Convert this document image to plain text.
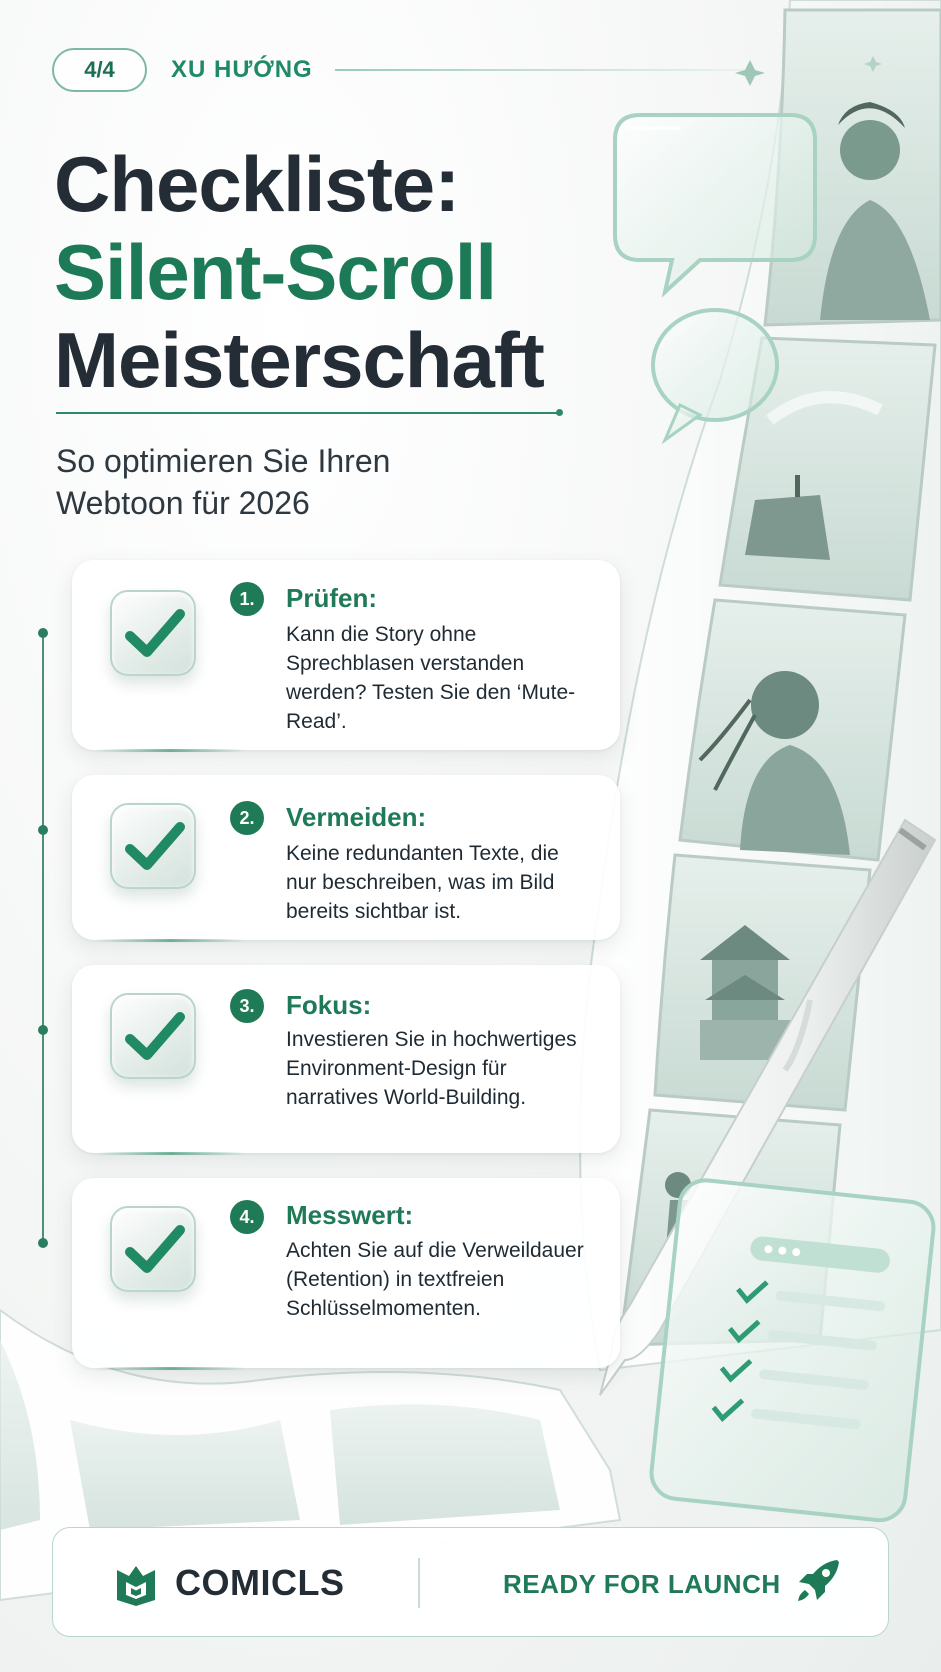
4/4	XU HƯỚNG
Checkliste:
Silent-Scroll
Meisterschaft
So optimieren Sie Ihren Webtoon für 2026
1.	Prüfen:
Kann die Story ohne Sprechblasen verstanden werden? Testen Sie den ‘Mute-Read’.
2.	Vermeiden:
Keine redundanten Texte, die nur beschreiben, was im Bild bereits sichtbar ist.
3.	Fokus:
Investieren Sie in hochwertiges Environment-Design für narratives World-Building.
4.	Messwert:
Achten Sie auf die Verweildauer (Retention) in textfreien Schlüsselmomenten.
COMICLS	READY FOR LAUNCH
